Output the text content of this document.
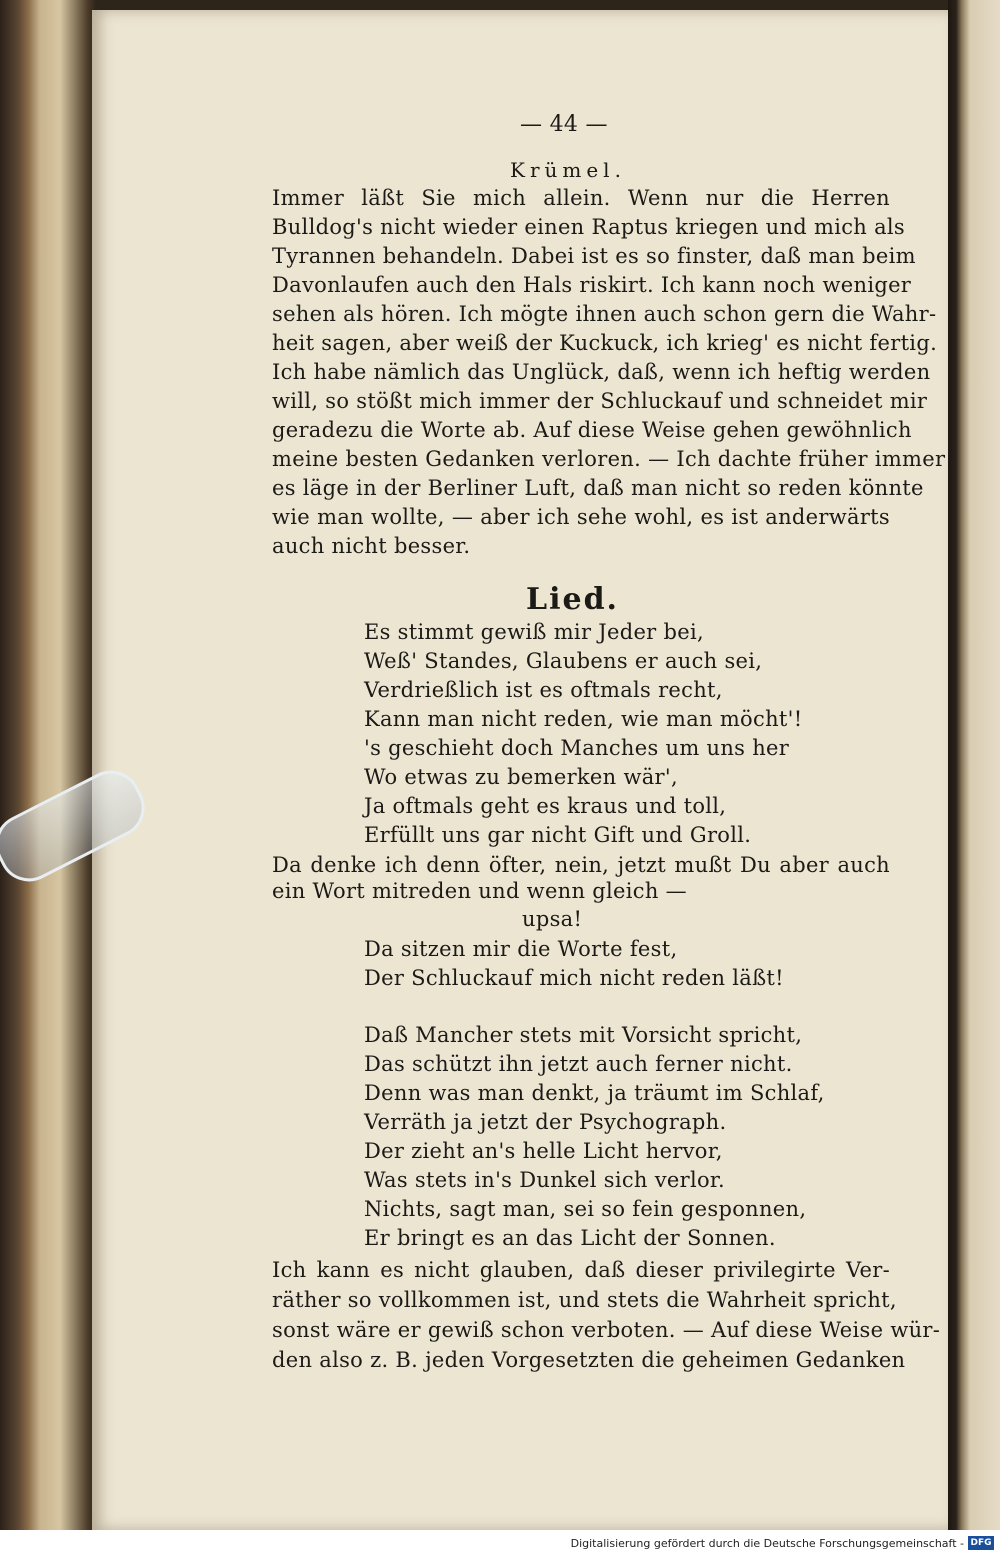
— 44 —
Krümel.
Immer läßt Sie mich allein. Wenn nur die Herren
Bulldog's nicht wieder einen Raptus kriegen und mich als
Tyrannen behandeln. Dabei ist es so finster, daß man beim
Davonlaufen auch den Hals riskirt. Ich kann noch weniger
sehen als hören. Ich mögte ihnen auch schon gern die Wahr-
heit sagen, aber weiß der Kuckuck, ich krieg' es nicht fertig.
Ich habe nämlich das Unglück, daß, wenn ich heftig werden
will, so stößt mich immer der Schluckauf und schneidet mir
geradezu die Worte ab. Auf diese Weise gehen gewöhnlich
meine besten Gedanken verloren. — Ich dachte früher immer
es läge in der Berliner Luft, daß man nicht so reden könnte
wie man wollte, — aber ich sehe wohl, es ist anderwärts
auch nicht besser.
Lied.
Es stimmt gewiß mir Jeder bei,
Weß' Standes, Glaubens er auch sei,
Verdrießlich ist es oftmals recht,
Kann man nicht reden, wie man möcht'!
's geschieht doch Manches um uns her
Wo etwas zu bemerken wär',
Ja oftmals geht es kraus und toll,
Erfüllt uns gar nicht Gift und Groll.
Da denke ich denn öfter, nein, jetzt mußt Du aber auch
ein Wort mitreden und wenn gleich —
upsa!
Da sitzen mir die Worte fest,
Der Schluckauf mich nicht reden läßt!
Daß Mancher stets mit Vorsicht spricht,
Das schützt ihn jetzt auch ferner nicht.
Denn was man denkt, ja träumt im Schlaf,
Verräth ja jetzt der Psychograph.
Der zieht an's helle Licht hervor,
Was stets in's Dunkel sich verlor.
Nichts, sagt man, sei so fein gesponnen,
Er bringt es an das Licht der Sonnen.
Ich kann es nicht glauben, daß dieser privilegirte Ver-
räther so vollkommen ist, und stets die Wahrheit spricht,
sonst wäre er gewiß schon verboten. — Auf diese Weise wür-
den also z. B. jeden Vorgesetzten die geheimen Gedanken
Digitalisierung gefördert durch die Deutsche Forschungsgemeinschaft - DFG
